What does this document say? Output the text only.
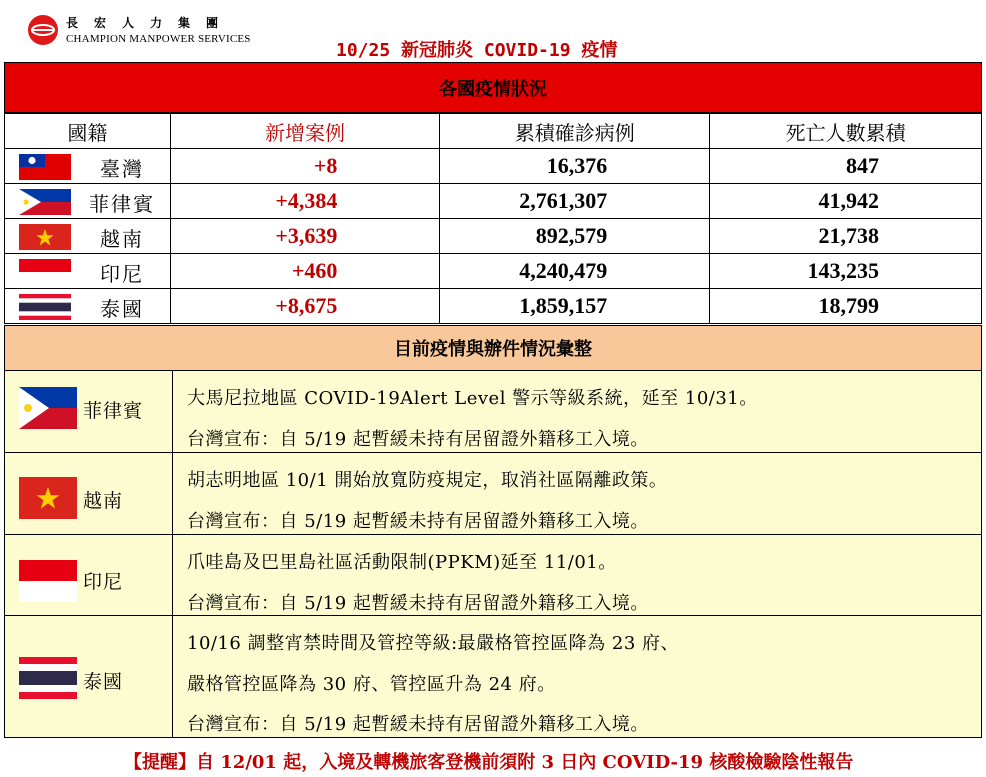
長宏人力集團
CHAMPION MANPOWER SERVICES
10/25 新冠肺炎 COVID-19 疫情
各國疫情狀況
國籍	新增案例	累積確診病例	死亡人數累積

臺灣	+8	16,376	847

菲律賓	+4,384	2,761,307	41,942

越南	+3,639	892,579	21,738

印尼	+460	4,240,479	143,235

泰國	+8,675	1,859,157	18,799
目前疫情與辦件情況彙整
菲律賓
大馬尼拉地區 COVID-19Alert Level 警示等級系統，延至 10/31。
台灣宣布：自 5/19 起暫緩未持有居留證外籍移工入境。
越南
胡志明地區 10/1 開始放寬防疫規定，取消社區隔離政策。
台灣宣布：自 5/19 起暫緩未持有居留證外籍移工入境。
印尼
爪哇島及巴里島社區活動限制(PPKM)延至 11/01。
台灣宣布：自 5/19 起暫緩未持有居留證外籍移工入境。
泰國
10/16 調整宵禁時間及管控等級:最嚴格管控區降為 23 府、
嚴格管控區降為 30 府、管控區升為 24 府。
台灣宣布：自 5/19 起暫緩未持有居留證外籍移工入境。
【提醒】自 12/01 起，入境及轉機旅客登機前須附 3 日內 COVID-19 核酸檢驗陰性報告
